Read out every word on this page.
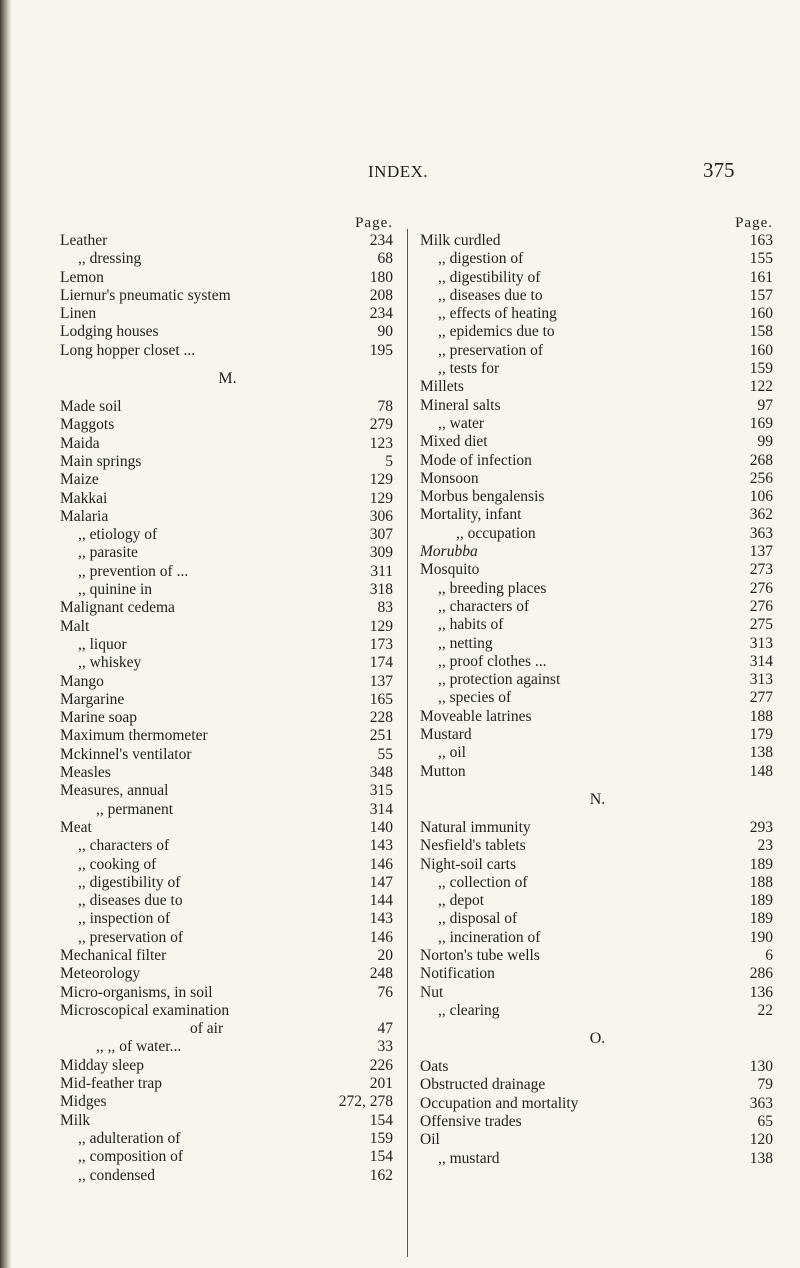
INDEX.	375
Page.
Leather	234
,, dressing	68
Lemon	180
Liernur's pneumatic system	208
Linen	234
Lodging houses	90
Long hopper closet ...	195
M.
Made soil	78
Maggots	279
Maida	123
Main springs	5
Maize	129
Makkai	129
Malaria	306
,, etiology of	307
,, parasite	309
,, prevention of ...	311
,, quinine in	318
Malignant cedema	83
Malt	129
,, liquor	173
,, whiskey	174
Mango	137
Margarine	165
Marine soap	228
Maximum thermometer	251
Mckinnel's ventilator	55
Measles	348
Measures, annual	315
,, permanent	314
Meat	140
,, characters of	143
,, cooking of	146
,, digestibility of	147
,, diseases due to	144
,, inspection of	143
,, preservation of	146
Mechanical filter	20
Meteorology	248
Micro-organisms, in soil	76
Microscopical examination
of air	47
,, ,, of water...	33
Midday sleep	226
Mid-feather trap	201
Midges	272, 278
Milk	154
,, adulteration of	159
,, composition of	154
,, condensed	162
Page.
Milk curdled	163
,, digestion of	155
,, digestibility of	161
,, diseases due to	157
,, effects of heating	160
,, epidemics due to	158
,, preservation of	160
,, tests for	159
Millets	122
Mineral salts	97
,, water	169
Mixed diet	99
Mode of infection	268
Monsoon	256
Morbus bengalensis	106
Mortality, infant	362
,, occupation	363
Morubba	137
Mosquito	273
,, breeding places	276
,, characters of	276
,, habits of	275
,, netting	313
,, proof clothes ...	314
,, protection against	313
,, species of	277
Moveable latrines	188
Mustard	179
,, oil	138
Mutton	148
N.
Natural immunity	293
Nesfield's tablets	23
Night-soil carts	189
,, collection of	188
,, depot	189
,, disposal of	189
,, incineration of	190
Norton's tube wells	6
Notification	286
Nut	136
,, clearing	22
O.
Oats	130
Obstructed drainage	79
Occupation and mortality	363
Offensive trades	65
Oil	120
,, mustard	138
